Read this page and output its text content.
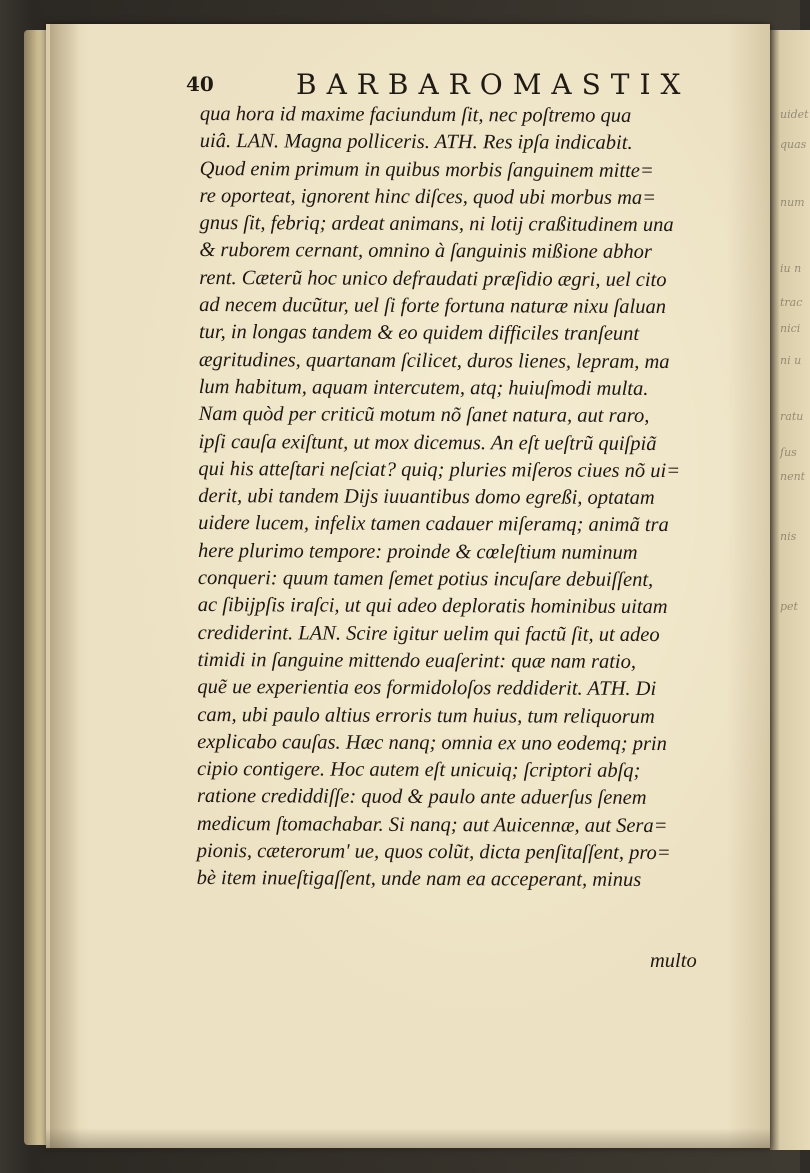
uidet
quas
num
iu n
trac
nici
ni u
ratu
ſus
nent
nis
pet
40	BARBAROMASTIX
qua hora id maxime faciundum ſit, nec poſtremo qua
uiâ. LAN. Magna polliceris. ATH. Res ipſa indicabit.
Quod enim primum in quibus morbis ſanguinem mitte=
re oporteat, ignorent hinc diſces, quod ubi morbus ma=
gnus ſit, febriq; ardeat animans, ni lotij craßitudinem una
& ruborem cernant, omnino à ſanguinis mißione abhor
rent. Cæterũ hoc unico defraudati præſidio ægri, uel cito
ad necem ducũtur, uel ſi forte fortuna naturæ nixu ſaluan
tur, in longas tandem & eo quidem difficiles tranſeunt
ægritudines, quartanam ſcilicet, duros lienes, lepram, ma
lum habitum, aquam intercutem, atq; huiuſmodi multa.
Nam quòd per criticũ motum nõ ſanet natura, aut raro,
ipſi cauſa exiſtunt, ut mox dicemus. An eſt ueſtrũ quiſpiã
qui his atteſtari neſciat? quiq; pluries miſeros ciues nõ ui=
derit, ubi tandem Dijs iuuantibus domo egreßi, optatam
uidere lucem, infelix tamen cadauer miſeramq; animã tra
here plurimo tempore: proinde & cœleſtium numinum
conqueri: quum tamen ſemet potius incuſare debuiſſent,
ac ſibijpſis iraſci, ut qui adeo deploratis hominibus uitam
crediderint. LAN. Scire igitur uelim qui factũ ſit, ut adeo
timidi in ſanguine mittendo euaſerint: quæ nam ratio,
quẽ ue experientia eos formidoloſos reddiderit. ATH. Di
cam, ubi paulo altius erroris tum huius, tum reliquorum
explicabo cauſas. Hæc nanq; omnia ex uno eodemq; prin
cipio contigere. Hoc autem eſt unicuiq; ſcriptori abſq;
ratione crediddiſſe: quod & paulo ante aduerſus ſenem
medicum ſtomachabar. Si nanq; aut Auicennæ, aut Sera=
pionis, cæterorum' ue, quos colũt, dicta penſitaſſent, pro=
bè item inueſtigaſſent, unde nam ea acceperant, minus
multo
